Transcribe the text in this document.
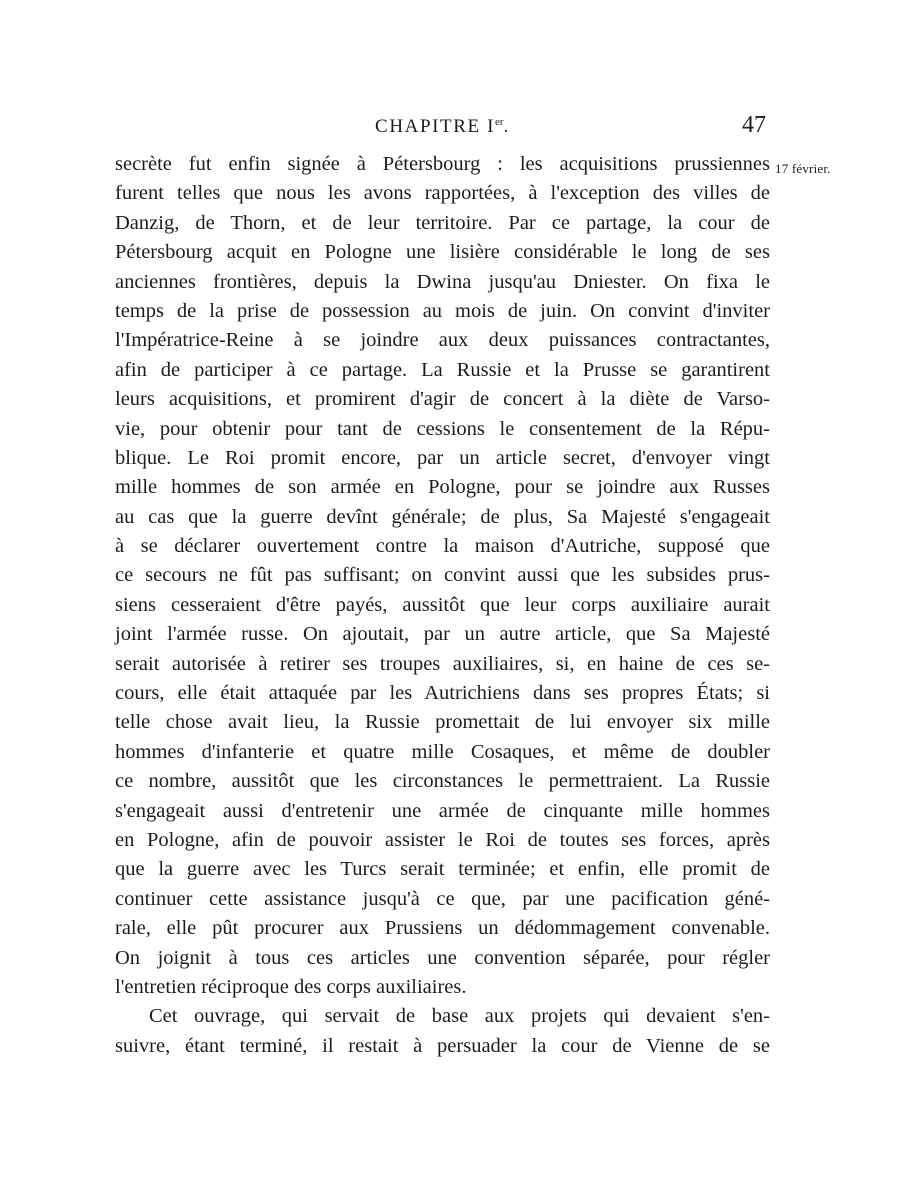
CHAPITRE Ier.	47
17 février.
secrète fut enfin signée à Pétersbourg : les acquisitions prussiennes
furent telles que nous les avons rapportées, à l'exception des villes de
Danzig, de Thorn, et de leur territoire. Par ce partage, la cour de
Pétersbourg acquit en Pologne une lisière considérable le long de ses
anciennes frontières, depuis la Dwina jusqu'au Dniester. On fixa le
temps de la prise de possession au mois de juin. On convint d'inviter
l'Impératrice-Reine à se joindre aux deux puissances contractantes,
afin de participer à ce partage. La Russie et la Prusse se garantirent
leurs acquisitions, et promirent d'agir de concert à la diète de Varso-
vie, pour obtenir pour tant de cessions le consentement de la Répu-
blique. Le Roi promit encore, par un article secret, d'envoyer vingt
mille hommes de son armée en Pologne, pour se joindre aux Russes
au cas que la guerre devînt générale; de plus, Sa Majesté s'engageait
à se déclarer ouvertement contre la maison d'Autriche, supposé que
ce secours ne fût pas suffisant; on convint aussi que les subsides prus-
siens cesseraient d'être payés, aussitôt que leur corps auxiliaire aurait
joint l'armée russe. On ajoutait, par un autre article, que Sa Majesté
serait autorisée à retirer ses troupes auxiliaires, si, en haine de ces se-
cours, elle était attaquée par les Autrichiens dans ses propres États; si
telle chose avait lieu, la Russie promettait de lui envoyer six mille
hommes d'infanterie et quatre mille Cosaques, et même de doubler
ce nombre, aussitôt que les circonstances le permettraient. La Russie
s'engageait aussi d'entretenir une armée de cinquante mille hommes
en Pologne, afin de pouvoir assister le Roi de toutes ses forces, après
que la guerre avec les Turcs serait terminée; et enfin, elle promit de
continuer cette assistance jusqu'à ce que, par une pacification géné-
rale, elle pût procurer aux Prussiens un dédommagement convenable.
On joignit à tous ces articles une convention séparée, pour régler
l'entretien réciproque des corps auxiliaires.
Cet ouvrage, qui servait de base aux projets qui devaient s'en-
suivre, étant terminé, il restait à persuader la cour de Vienne de se
